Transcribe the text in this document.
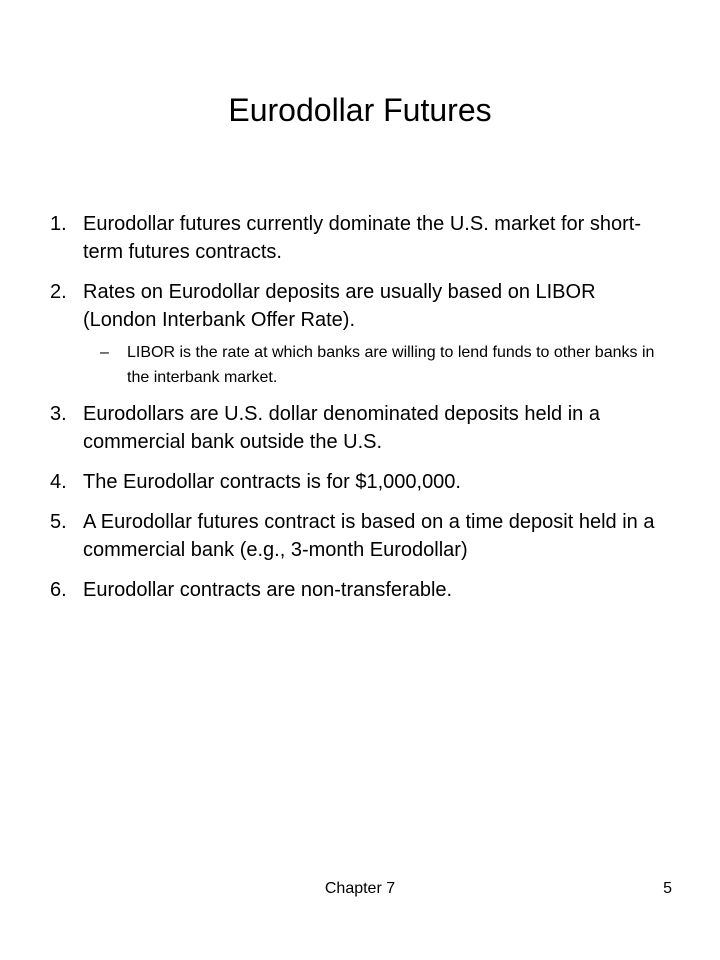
Eurodollar Futures
1. Eurodollar futures currently dominate the U.S. market for short-term futures contracts.
2. Rates on Eurodollar deposits are usually based on LIBOR (London Interbank Offer Rate).
– LIBOR is the rate at which banks are willing to lend funds to other banks in the interbank market.
3. Eurodollars are U.S. dollar denominated deposits held in a commercial bank outside the U.S.
4. The Eurodollar contracts is for $1,000,000.
5. A Eurodollar futures contract is based on a time deposit held in a commercial bank (e.g., 3-month Eurodollar)
6. Eurodollar contracts are non-transferable.
Chapter 7	5
